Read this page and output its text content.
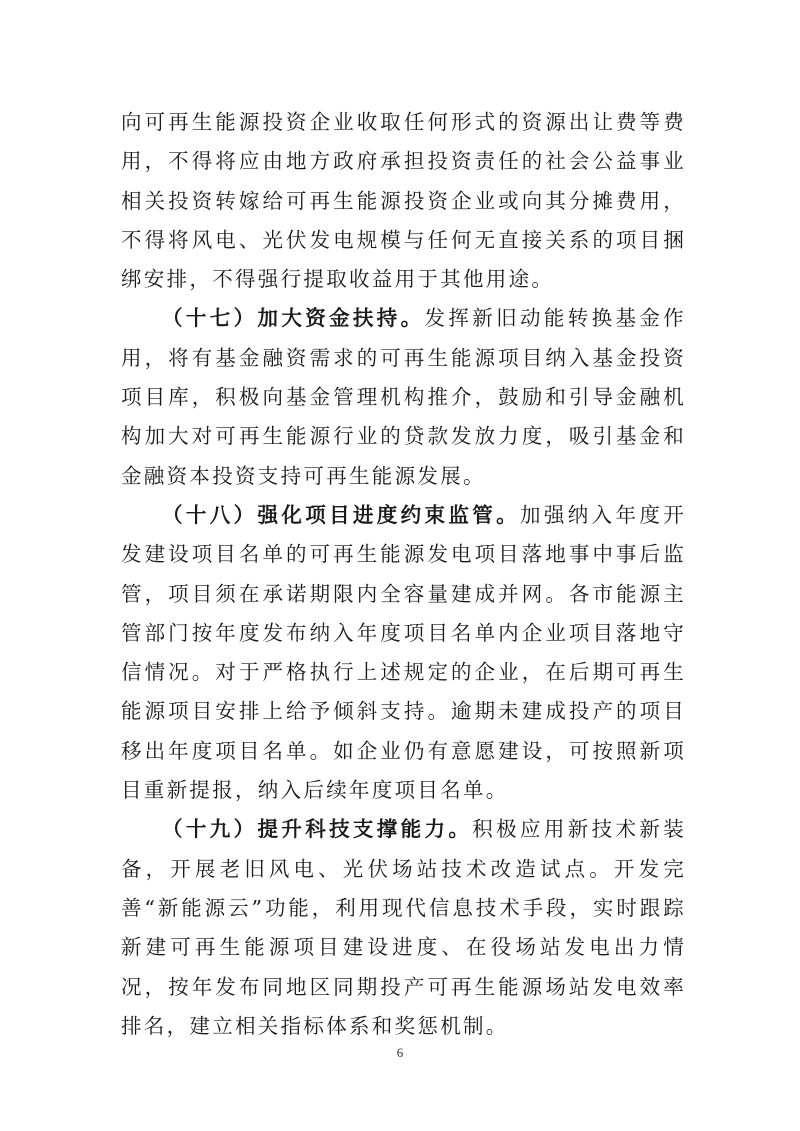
向可再生能源投资企业收取任何形式的资源出让费等费用，不得将应由地方政府承担投资责任的社会公益事业相关投资转嫁给可再生能源投资企业或向其分摊费用，不得将风电、光伏发电规模与任何无直接关系的项目捆绑安排，不得强行提取收益用于其他用途。

（十七）加大资金扶持。发挥新旧动能转换基金作用，将有基金融资需求的可再生能源项目纳入基金投资项目库，积极向基金管理机构推介，鼓励和引导金融机构加大对可再生能源行业的贷款发放力度，吸引基金和金融资本投资支持可再生能源发展。

（十八）强化项目进度约束监管。加强纳入年度开发建设项目名单的可再生能源发电项目落地事中事后监管，项目须在承诺期限内全容量建成并网。各市能源主管部门按年度发布纳入年度项目名单内企业项目落地守信情况。对于严格执行上述规定的企业，在后期可再生能源项目安排上给予倾斜支持。逾期未建成投产的项目移出年度项目名单。如企业仍有意愿建设，可按照新项目重新提报，纳入后续年度项目名单。

（十九）提升科技支撑能力。积极应用新技术新装备，开展老旧风电、光伏场站技术改造试点。开发完善“新能源云”功能，利用现代信息技术手段，实时跟踪新建可再生能源项目建设进度、在役场站发电出力情况，按年发布同地区同期投产可再生能源场站发电效率排名，建立相关指标体系和奖惩机制。

6
